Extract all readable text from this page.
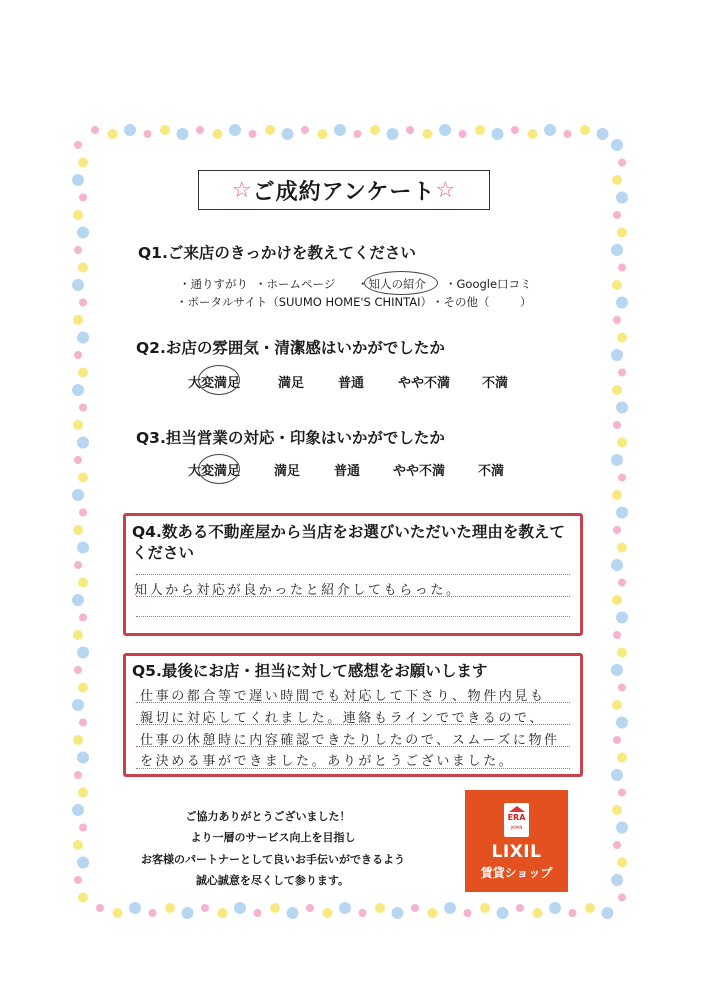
☆ ご成約アンケート ☆
Q1.ご来店のきっかけを教えてください
・通りすがり ・ホームページ ・知人の紹介 ・Google口コミ
・ポータルサイト（SUUMO HOME'S CHINTAI） ・その他（	）
Q2.お店の雰囲気・清潔感はいかがでしたか
大変満足	満足	普通	やや不満 不満
Q3.担当営業の対応・印象はいかがでしたか
大変満足	満足	普通	やや不満	不満
Q4.数ある不動産屋から当店をお選びいただいた理由を教えて
ください
知人から対応が良かったと紹介してもらった。
Q5.最後にお店・担当に対して感想をお願いします
仕事の都合等で遅い時間でも対応して下さり、物件内見も
親切に対応してくれました。連絡もラインでできるので、
仕事の休憩時に内容確認できたりしたので、スムーズに物件
を決める事ができました。ありがとうございました。
ご協力ありがとうございました！
より一層のサービス向上を目指し
お客様のパートナーとして良いお手伝いができるよう
誠心誠意を尽くして参ります。
ERA
JAPAN
LIXIL
賃貸ショップ
